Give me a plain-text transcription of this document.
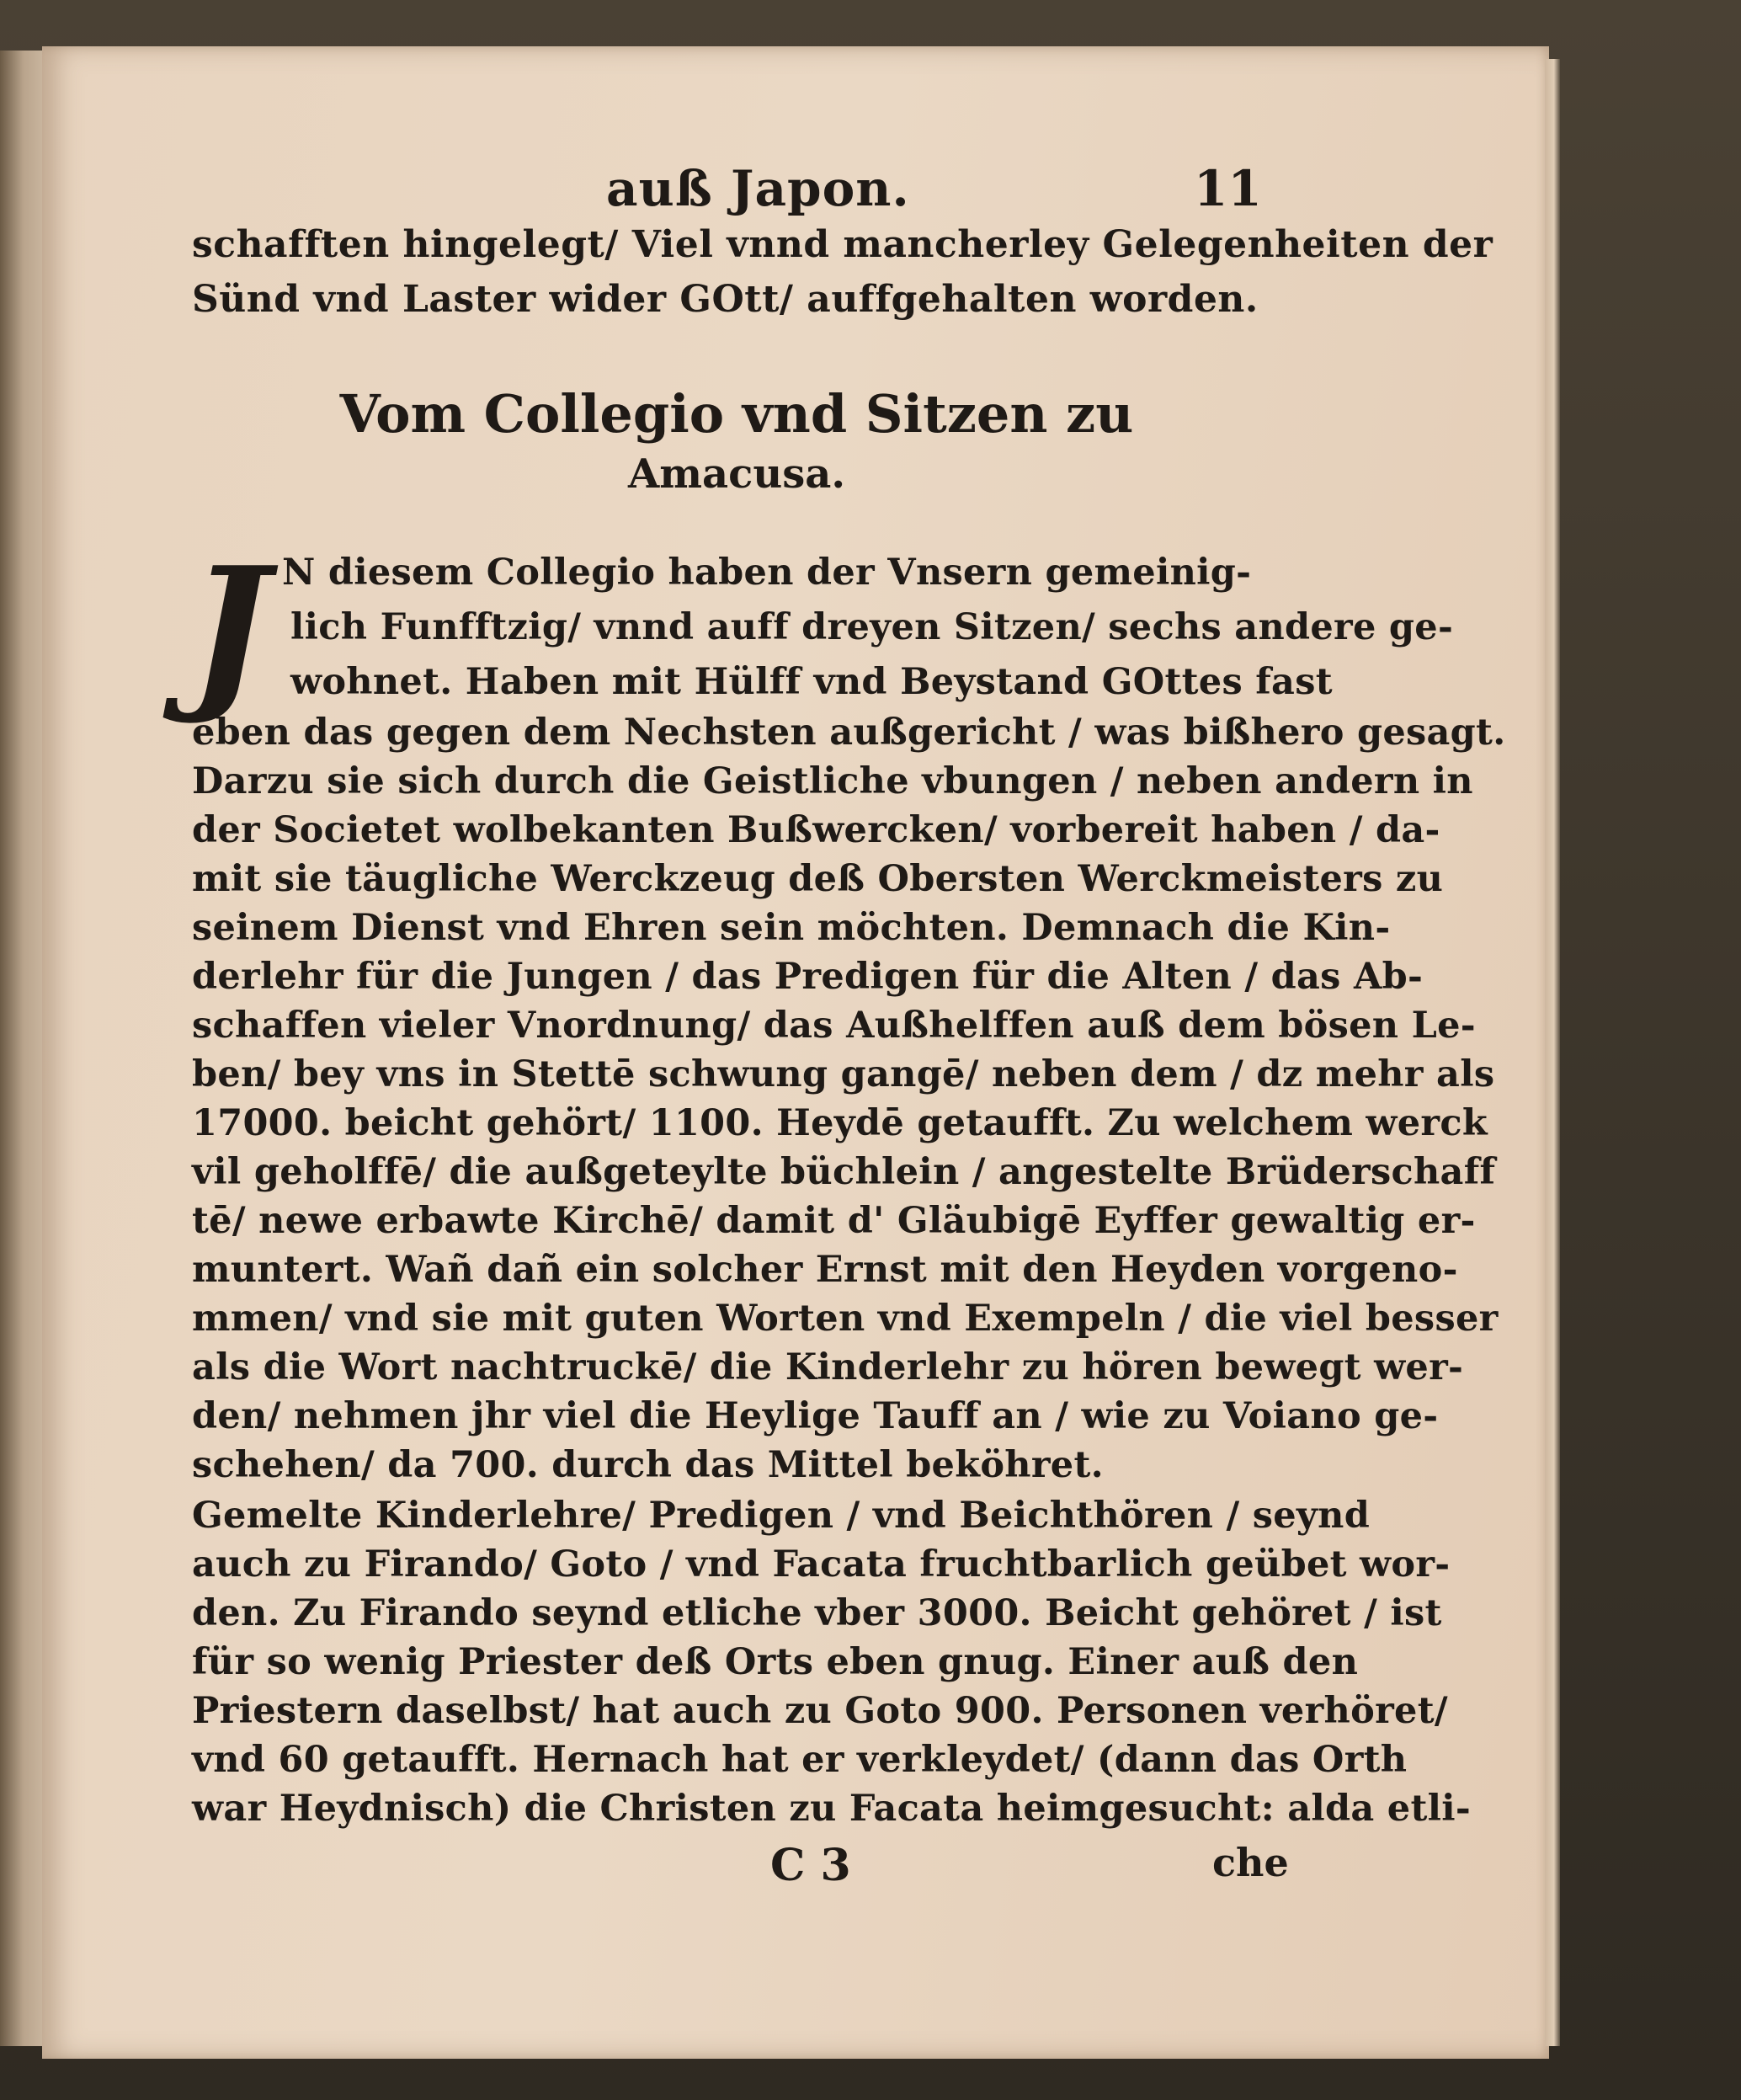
auß Japon.	11
schafften hingelegt/ Viel vnnd mancherley Gelegenheiten der
Sünd vnd Laster wider GOtt/ auffgehalten worden.
Vom Collegio vnd Sitzen zu
Amacusa.
J N diesem Collegio haben der Vnsern gemeinig-
lich Funfftzig/ vnnd auff dreyen Sitzen/ sechs andere ge-
wohnet. Haben mit Hülff vnd Beystand GOttes fast
eben das gegen dem Nechsten außgericht / was bißhero gesagt.
Darzu sie sich durch die Geistliche vbungen / neben andern in
der Societet wolbekanten Bußwercken/ vorbereit haben / da-
mit sie täugliche Werckzeug deß Obersten Werckmeisters zu
seinem Dienst vnd Ehren sein möchten. Demnach die Kin-
derlehr für die Jungen / das Predigen für die Alten / das Ab-
schaffen vieler Vnordnung/ das Außhelffen auß dem bösen Le-
ben/ bey vns in Stettē schwung gangē/ neben dem / dz mehr als
17000. beicht gehört/ 1100. Heydē getaufft. Zu welchem werck
vil geholffē/ die außgeteylte büchlein / angestelte Brüderschaff
tē/ newe erbawte Kirchē/ damit d' Gläubigē Eyffer gewaltig er-
muntert. Wañ dañ ein solcher Ernst mit den Heyden vorgeno-
mmen/ vnd sie mit guten Worten vnd Exempeln / die viel besser
als die Wort nachtruckē/ die Kinderlehr zu hören bewegt wer-
den/ nehmen jhr viel die Heylige Tauff an / wie zu Voiano ge-
schehen/ da 700. durch das Mittel beköhret.
Gemelte Kinderlehre/ Predigen / vnd Beichthören / seynd
auch zu Firando/ Goto / vnd Facata fruchtbarlich geübet wor-
den. Zu Firando seynd etliche vber 3000. Beicht gehöret / ist
für so wenig Priester deß Orts eben gnug. Einer auß den
Priestern daselbst/ hat auch zu Goto 900. Personen verhöret/
vnd 60 getaufft. Hernach hat er verkleydet/ (dann das Orth
war Heydnisch) die Christen zu Facata heimgesucht: alda etli-
C 3	che
